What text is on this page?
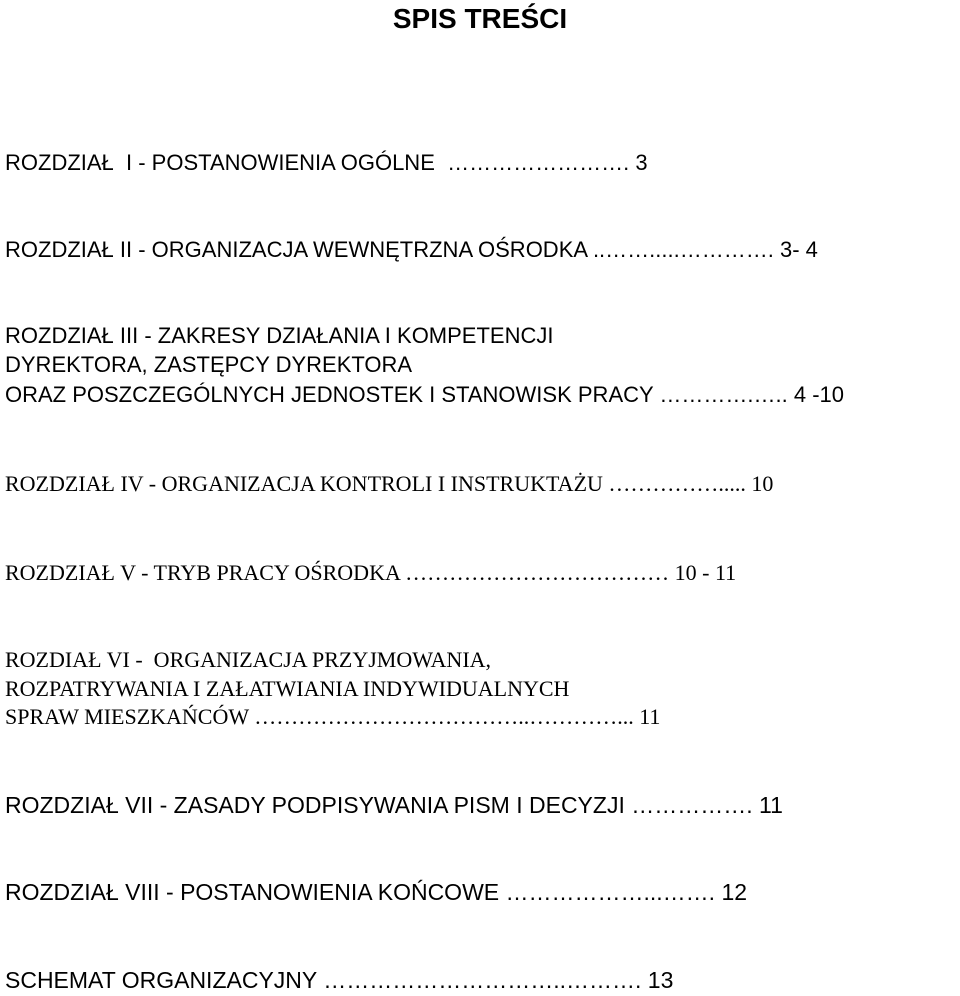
SPIS TREŚCI
ROZDZIAŁ  I - POSTANOWIENIA OGÓLNE  ……………………. 3
ROZDZIAŁ II - ORGANIZACJA WEWNĘTRZNA OŚRODKA ..…….....…………. 3- 4
ROZDZIAŁ III - ZAKRESY DZIAŁANIA I KOMPETENCJI
DYREKTORA, ZASTĘPCY DYREKTORA
ORAZ POSZCZEGÓLNYCH JEDNOSTEK I STANOWISK PRACY ………….….. 4 -10
ROZDZIAŁ IV - ORGANIZACJA KONTROLI I INSTRUKTAŻU ……………..... 10
ROZDZIAŁ V - TRYB PRACY OŚRODKA ……………………………… 10 - 11
ROZDIAŁ VI -  ORGANIZACJA PRZYJMOWANIA,
ROZPATRYWANIA I ZAŁATWIANIA INDYWIDUALNYCH
SPRAW MIESZKAŃCÓW ………………………………..…………... 11
ROZDZIAŁ VII - ZASADY PODPISYWANIA PISM I DECYZJI ……………. 11
ROZDZIAŁ VIII - POSTANOWIENIA KOŃCOWE ………………...……. 12
SCHEMAT ORGANIZACYJNY …………………………..………. 13
